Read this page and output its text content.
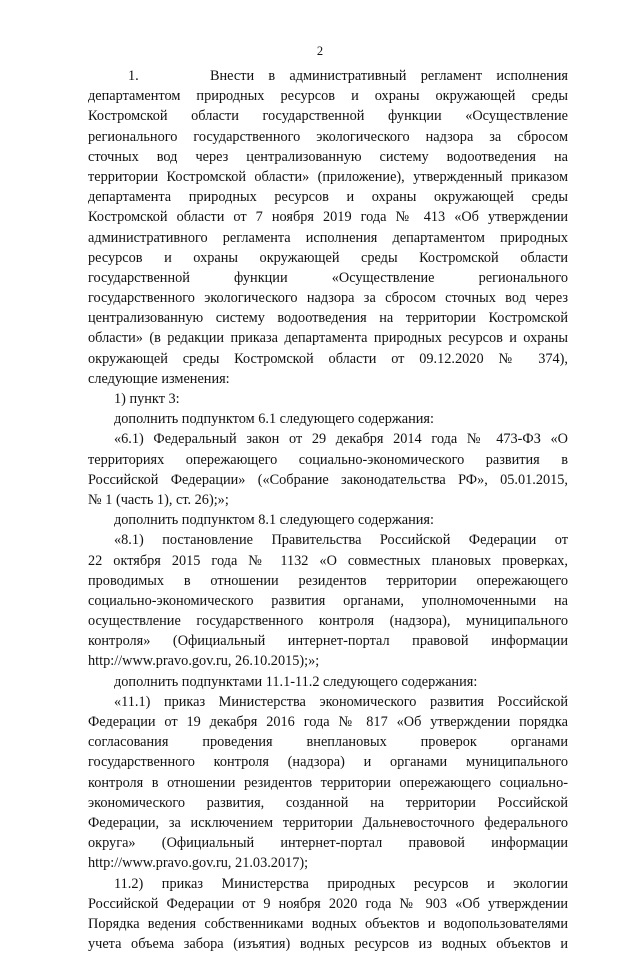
2
1.     Внести в административный регламент исполнения
департаментом природных ресурсов и охраны окружающей среды
Костромской области государственной функции «Осуществление
регионального государственного экологического надзора за сбросом
сточных вод через централизованную систему водоотведения на
территории Костромской области» (приложение), утвержденный приказом
департамента природных ресурсов и охраны окружающей среды
Костромской области от 7 ноября 2019 года № 413 «Об утверждении
административного регламента исполнения департаментом природных
ресурсов и охраны окружающей среды Костромской области
государственной функции «Осуществление регионального
государственного экологического надзора за сбросом сточных вод через
централизованную систему водоотведения на территории Костромской
области» (в редакции приказа департамента природных ресурсов и охраны
окружающей среды Костромской области от 09.12.2020 № 374),
следующие изменения:
1) пункт 3:
дополнить подпунктом 6.1 следующего содержания:
«6.1) Федеральный закон от 29 декабря 2014 года № 473-ФЗ «О
территориях опережающего социально-экономического развития в
Российской Федерации» («Собрание законодательства РФ», 05.01.2015,
№ 1 (часть 1), ст. 26);»;
дополнить подпунктом 8.1 следующего содержания:
«8.1) постановление Правительства Российской Федерации от
22 октября 2015 года № 1132 «О совместных плановых проверках,
проводимых в отношении резидентов территории опережающего
социально-экономического развития органами, уполномоченными на
осуществление государственного контроля (надзора), муниципального
контроля» (Официальный интернет-портал правовой информации
http://www.pravo.gov.ru, 26.10.2015);»;
дополнить подпунктами 11.1-11.2 следующего содержания:
«11.1) приказ Министерства экономического развития Российской
Федерации от 19 декабря 2016 года № 817 «Об утверждении порядка
согласования проведения внеплановых проверок органами
государственного контроля (надзора) и органами муниципального
контроля в отношении резидентов территории опережающего социально-
экономического развития, созданной на территории Российской
Федерации, за исключением территории Дальневосточного федерального
округа» (Официальный интернет-портал правовой информации
http://www.pravo.gov.ru, 21.03.2017);
11.2) приказ Министерства природных ресурсов и экологии
Российской Федерации от 9 ноября 2020 года № 903 «Об утверждении
Порядка ведения собственниками водных объектов и водопользователями
учета объема забора (изъятия) водных ресурсов из водных объектов и
